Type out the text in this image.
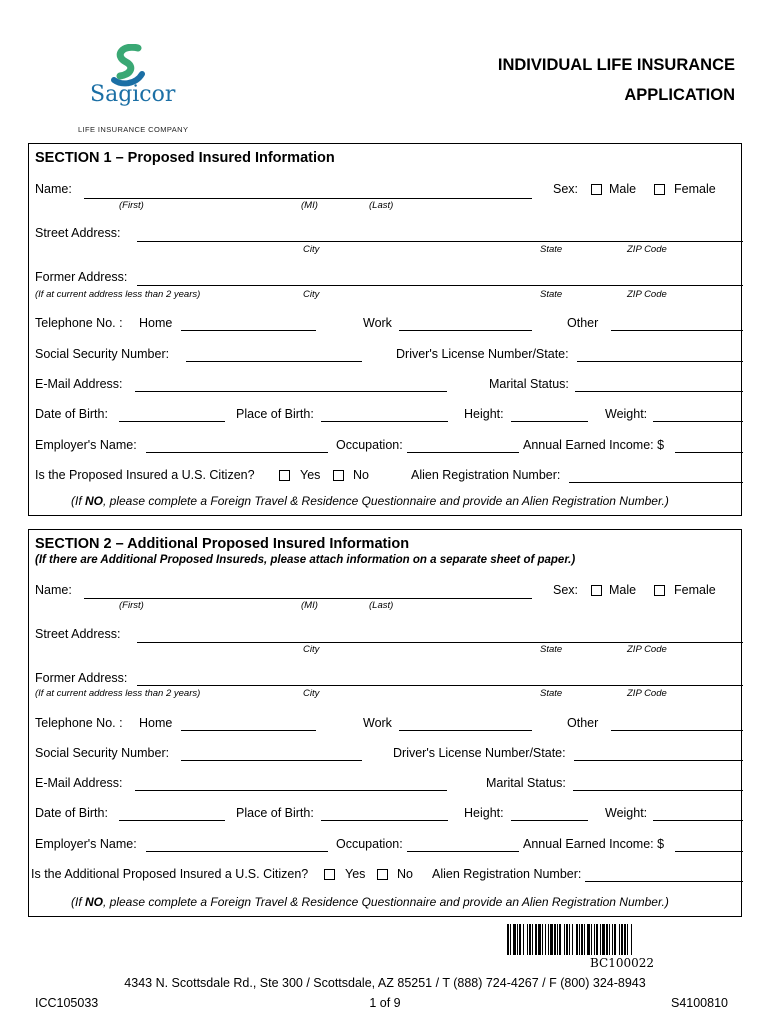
Sagicor
LIFE INSURANCE COMPANY
INDIVIDUAL LIFE INSURANCE
APPLICATION
SECTION 1 – Proposed Insured Information
Name:
(First)	(MI)	(Last)
Sex: Male	Female
Street Address:
City	State	ZIP Code
Former Address:
(If at current address less than 2 years)	City	State	ZIP Code
Telephone No. : Home	Work	Other
Social Security Number:	Driver's License Number/State:
E-Mail Address:	Marital Status:
Date of Birth:	Place of Birth:	Height:	Weight:
Employer's Name:	Occupation:	Annual Earned Income: $
Is the Proposed Insured a U.S. Citizen?	Yes	No	Alien Registration Number:
(If NO, please complete a Foreign Travel & Residence Questionnaire and provide an Alien Registration Number.)
SECTION 2 – Additional Proposed Insured Information
(If there are Additional Proposed Insureds, please attach information on a separate sheet of paper.)
Name:
(First)	(MI)	(Last)
Sex: Male	Female
Street Address:
City	State	ZIP Code
Former Address:
(If at current address less than 2 years)	City	State	ZIP Code
Telephone No. : Home	Work	Other
Social Security Number:	Driver's License Number/State:
E-Mail Address:	Marital Status:
Date of Birth:	Place of Birth:	Height:	Weight:
Employer's Name:	Occupation:	Annual Earned Income: $
Is the Additional Proposed Insured a U.S. Citizen?	Yes	No Alien Registration Number:
(If NO, please complete a Foreign Travel & Residence Questionnaire and provide an Alien Registration Number.)
BC100022
4343 N. Scottsdale Rd., Ste 300 / Scottsdale, AZ 85251 / T (888) 724-4267 / F (800) 324-8943
ICC105033	1 of 9	S4100810
